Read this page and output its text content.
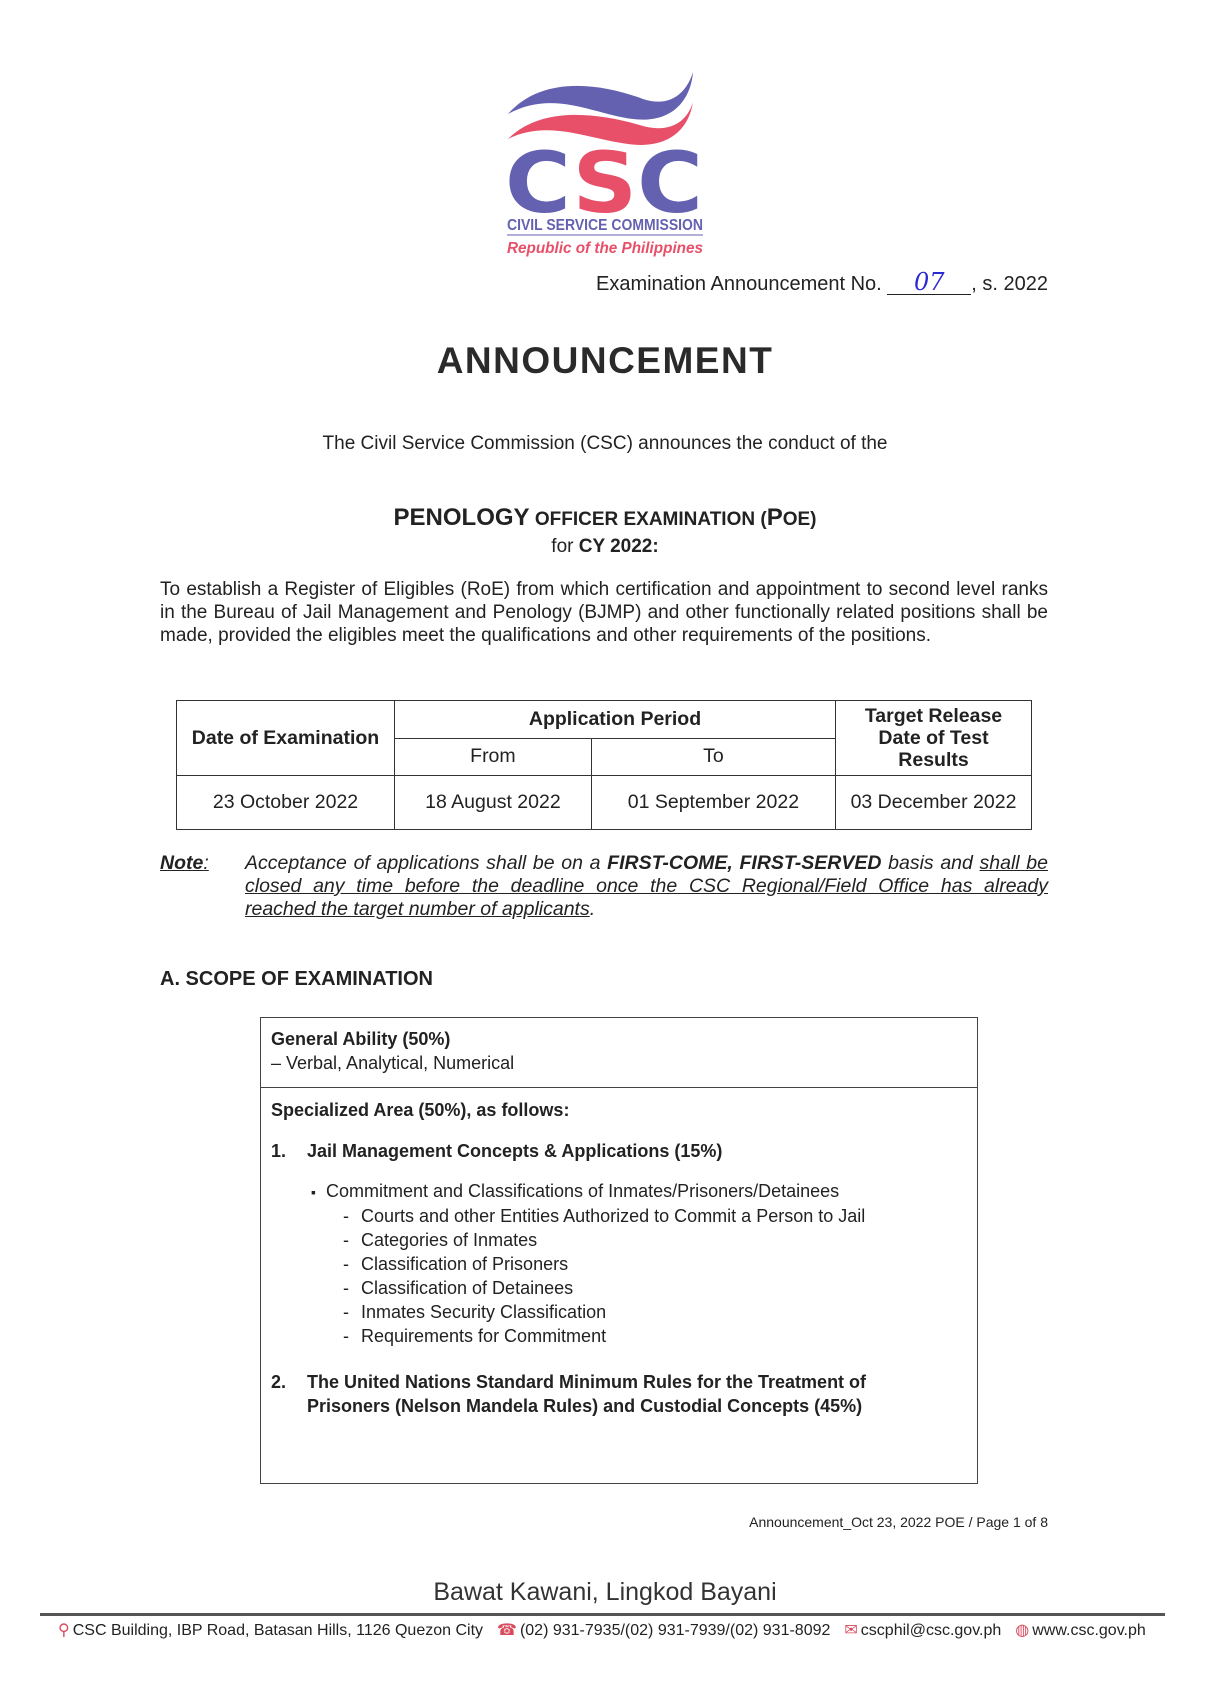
CSC
CIVIL SERVICE COMMISSION
Republic of the Philippines
Examination Announcement No. 07 , s. 2022
ANNOUNCEMENT
The Civil Service Commission (CSC) announces the conduct of the
PENOLOGY OFFICER EXAMINATION (POE)
for CY 2022:
To establish a Register of Eligibles (RoE) from which certification and appointment to second level ranks in the Bureau of Jail Management and Penology (BJMP) and other functionally related positions shall be made, provided the eligibles meet the qualifications and other requirements of the positions.
Date of Examination	Application Period		Target Release Date of Test Results
	From	To	
23 October 2022	18 August 2022	01 September 2022	03 December 2022
Note: Acceptance of applications shall be on a FIRST-COME, FIRST-SERVED basis and shall be closed any time before the deadline once the CSC Regional/Field Office has already reached the target number of applicants.
A. SCOPE OF EXAMINATION
General Ability (50%)
– Verbal, Analytical, Numerical
Specialized Area (50%), as follows:
1.	Jail Management Concepts & Applications (15%)
▪ Commitment and Classifications of Inmates/Prisoners/Detainees
- Courts and other Entities Authorized to Commit a Person to Jail
- Categories of Inmates
- Classification of Prisoners
- Classification of Detainees
- Inmates Security Classification
- Requirements for Commitment
2.	The United Nations Standard Minimum Rules for the Treatment of Prisoners (Nelson Mandela Rules) and Custodial Concepts (45%)
Announcement_Oct 23, 2022 POE / Page 1 of 8
Bawat Kawani, Lingkod Bayani
⚲ CSC Building, IBP Road, Batasan Hills, 1126 Quezon City ☎ (02) 931-7935/(02) 931-7939/(02) 931-8092 ✉ cscphil@csc.gov.ph ◍ www.csc.gov.ph
